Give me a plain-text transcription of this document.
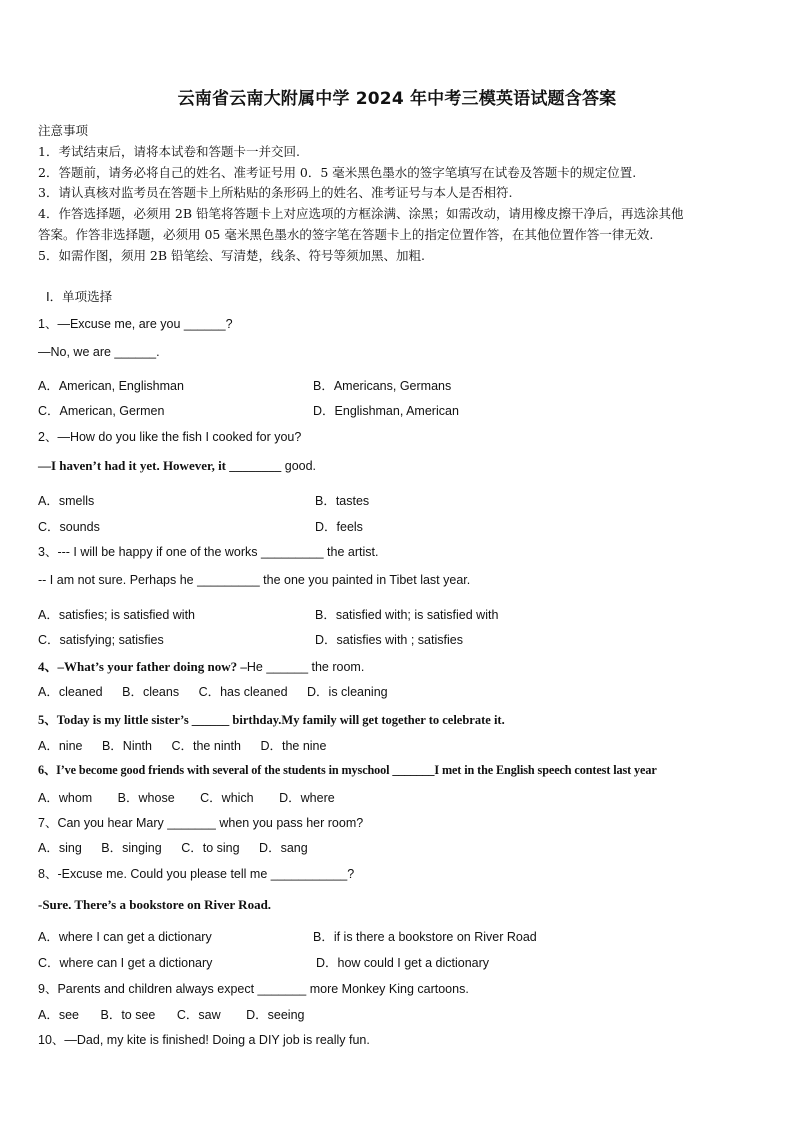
云南省云南大附属中学 2024 年中考三模英语试题含答案
注意事项
1．考试结束后，请将本试卷和答题卡一并交回.
2．答题前，请务必将自己的姓名、准考证号用 0．5 毫米黑色墨水的签字笔填写在试卷及答题卡的规定位置.
3．请认真核对监考员在答题卡上所粘贴的条形码上的姓名、准考证号与本人是否相符.
4．作答选择题，必须用 2B 铅笔将答题卡上对应选项的方框涂满、涂黑；如需改动，请用橡皮擦干净后，再选涂其他
答案。作答非选择题，必须用 05 毫米黑色墨水的签字笔在答题卡上的指定位置作答，在其他位置作答一律无效.
5．如需作图，须用 2B 铅笔绘、写清楚，线条、符号等须加黑、加粗.
Ⅰ．单项选择
1、—Excuse me, are you ______?
—No, we are ______.
A．American, Englishman	B．Americans, Germans
C．American, Germen	D．Englishman, American
2、—How do you like the fish I cooked for you?
—I haven’t had it yet. However, it ________ good.
A．smells	B．tastes
C．sounds	D．feels
3、--- I will be happy if one of the works _________ the artist.
-- I am not sure. Perhaps he _________ the one you painted in Tibet last year.
A．satisfies; is satisfied with	B．satisfied with; is satisfied with
C．satisfying; satisfies	D．satisfies with ; satisfies
4、–What’s your father doing now? –He ______ the room.
A．cleaned B．cleans C．has cleaned D．is cleaning
5、Today is my little sister’s ______ birthday.My family will get together to celebrate it.
A．nine B．Ninth C．the ninth D．the nine
6、I’ve become good friends with several of the students in myschool _______I met in the English speech contest last year
A．whom B．whose C．which D．where
7、Can you hear Mary _______ when you pass her room?
A．sing B．singing C．to sing D．sang
8、-Excuse me. Could you please tell me ___________?
-Sure. There’s a bookstore on River Road.
A．where I can get a dictionary	B．if is there a bookstore on River Road
C．where can I get a dictionary	D．how could I get a dictionary
9、Parents and children always expect _______ more Monkey King cartoons.
A．see B．to see C．saw D．seeing
10、—Dad, my kite is finished! Doing a DIY job is really fun.
